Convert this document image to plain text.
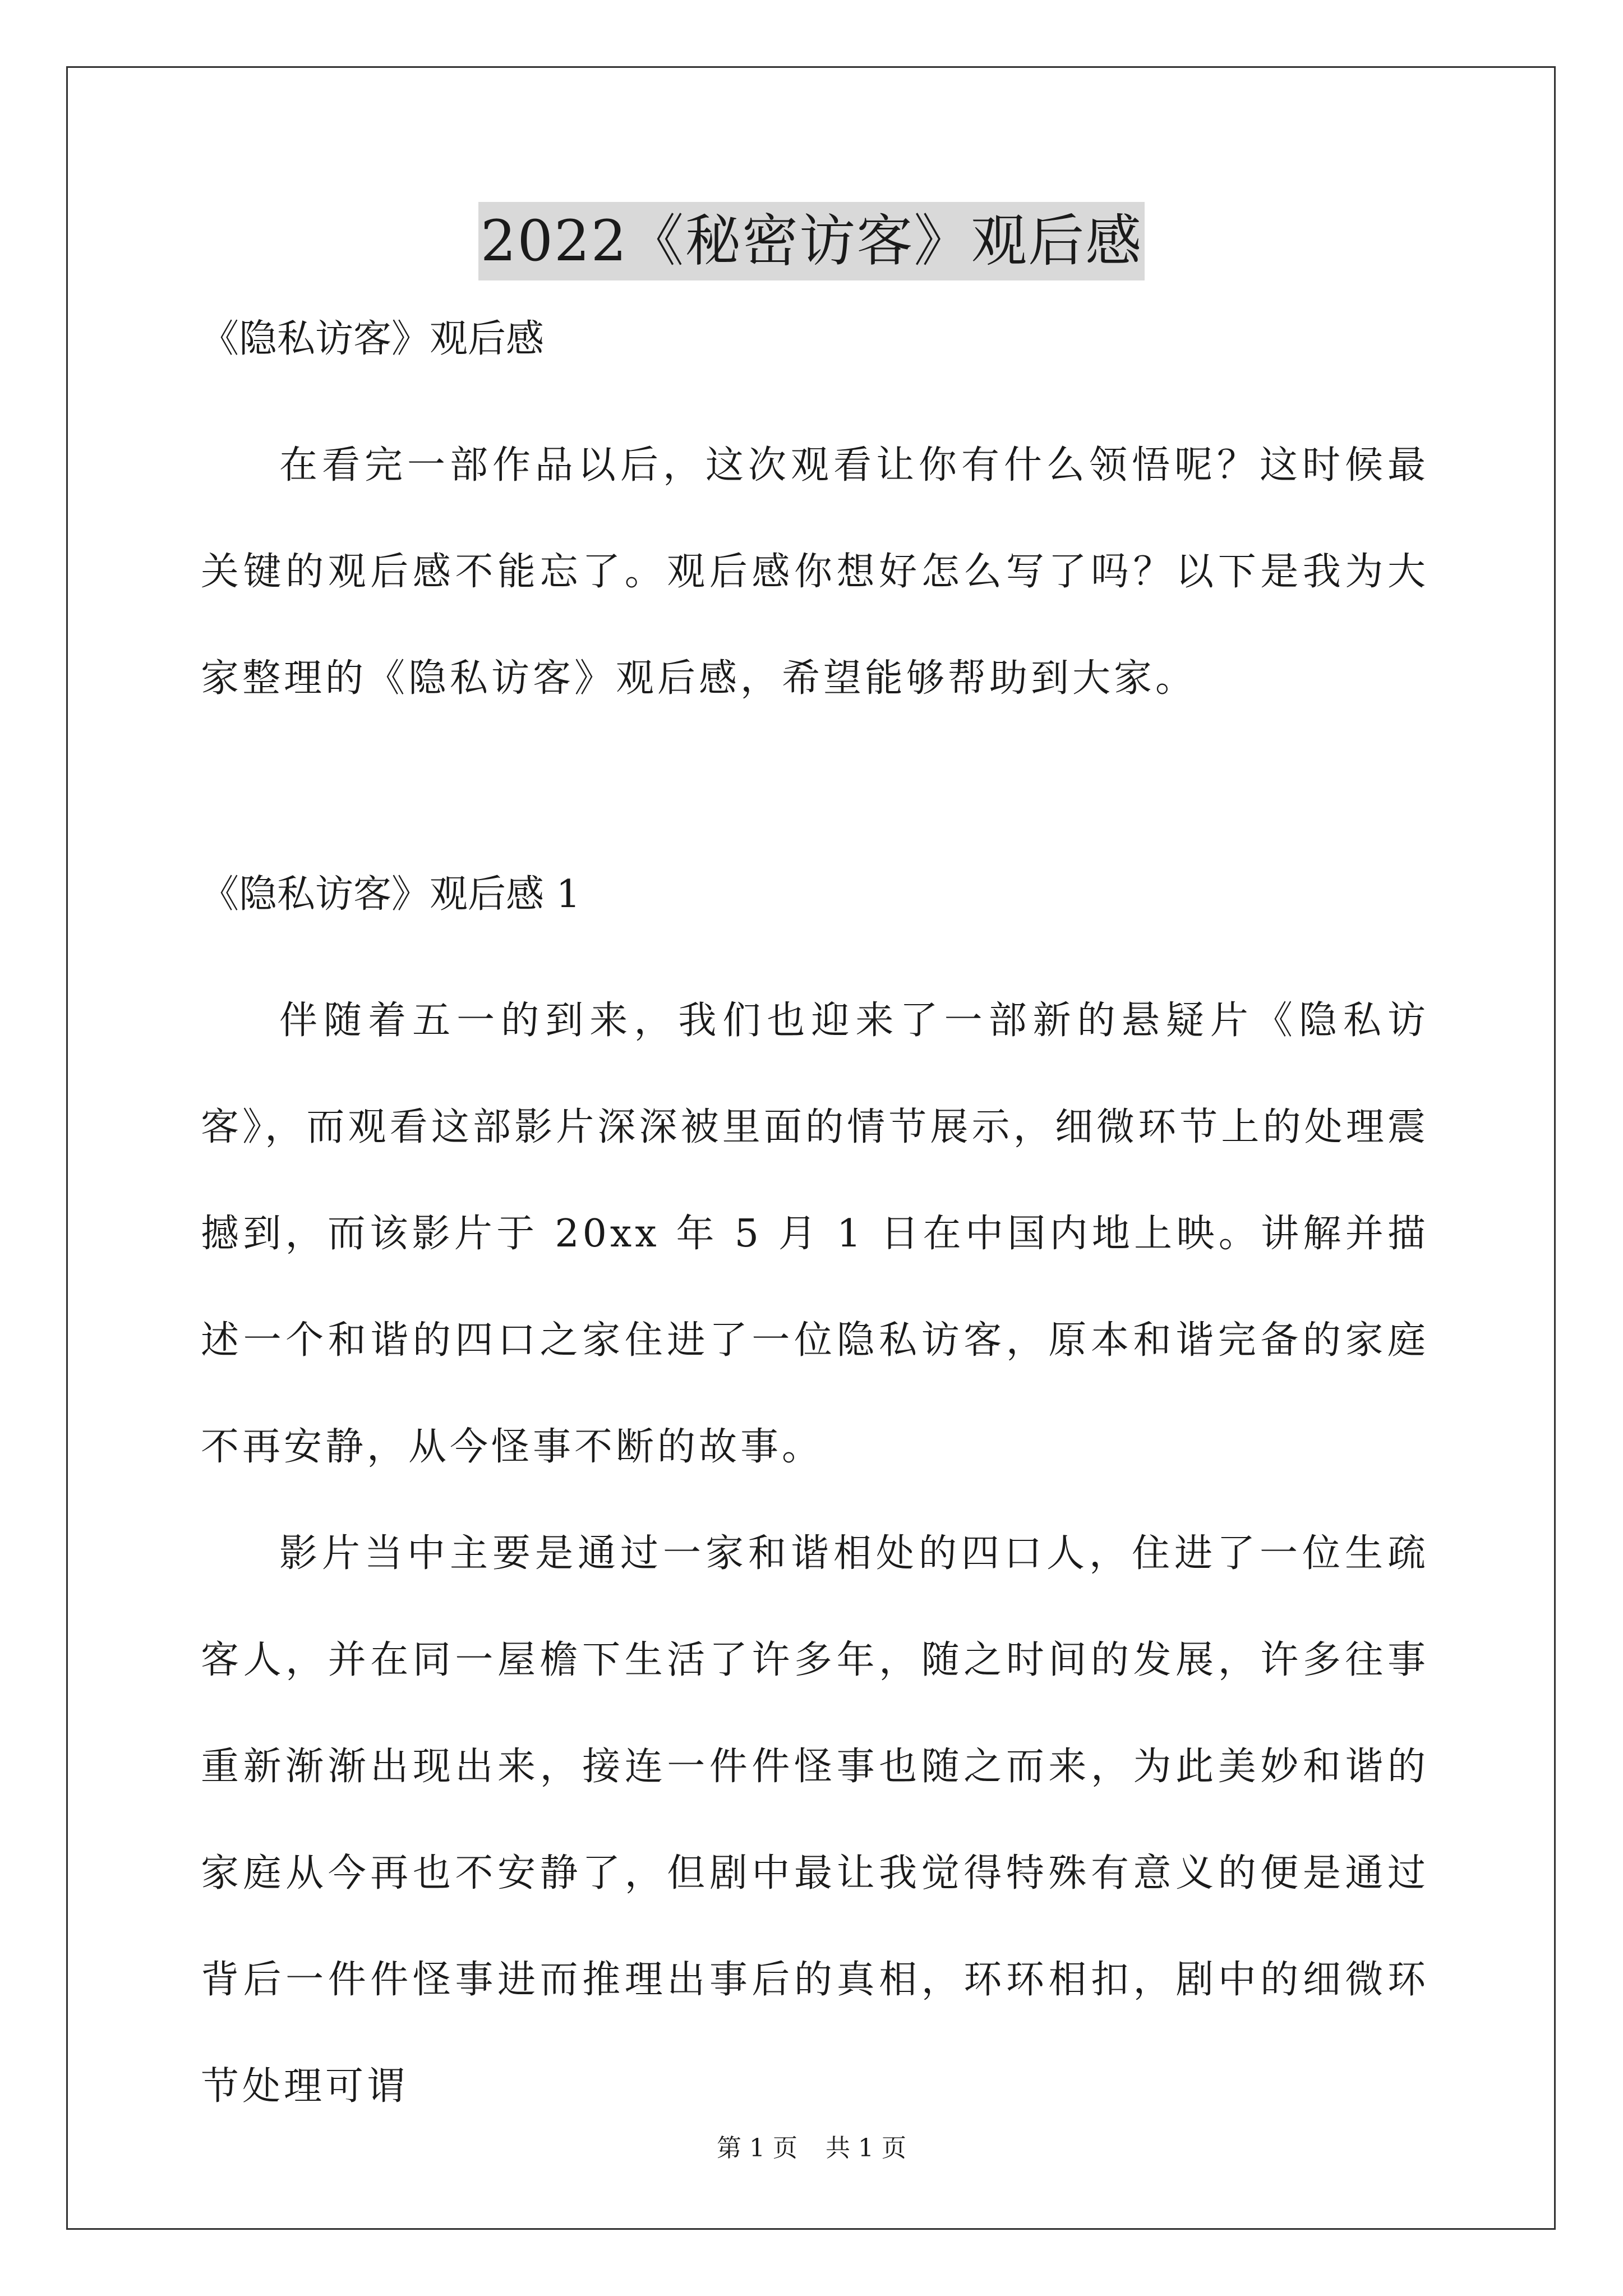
2022《秘密访客》观后感

《隐私访客》观后感

在看完一部作品以后，这次观看让你有什么领悟呢？这时候最关键的观后感不能忘了。观后感你想好怎么写了吗？以下是我为大家整理的《隐私访客》观后感，希望能够帮助到大家。

《隐私访客》观后感 1

伴随着五一的到来，我们也迎来了一部新的悬疑片《隐私访客》，而观看这部影片深深被里面的情节展示，细微环节上的处理震撼到，而该影片于 20xx 年 5 月 1 日在中国内地上映。讲解并描述一个和谐的四口之家住进了一位隐私访客，原本和谐完备的家庭不再安静，从今怪事不断的故事。

影片当中主要是通过一家和谐相处的四口人，住进了一位生疏客人，并在同一屋檐下生活了许多年，随之时间的发展，许多往事重新渐渐出现出来，接连一件件怪事也随之而来，为此美妙和谐的家庭从今再也不安静了，但剧中最让我觉得特殊有意义的便是通过背后一件件怪事进而推理出事后的真相，环环相扣，剧中的细微环节处理可谓

第 1 页 共 1 页
